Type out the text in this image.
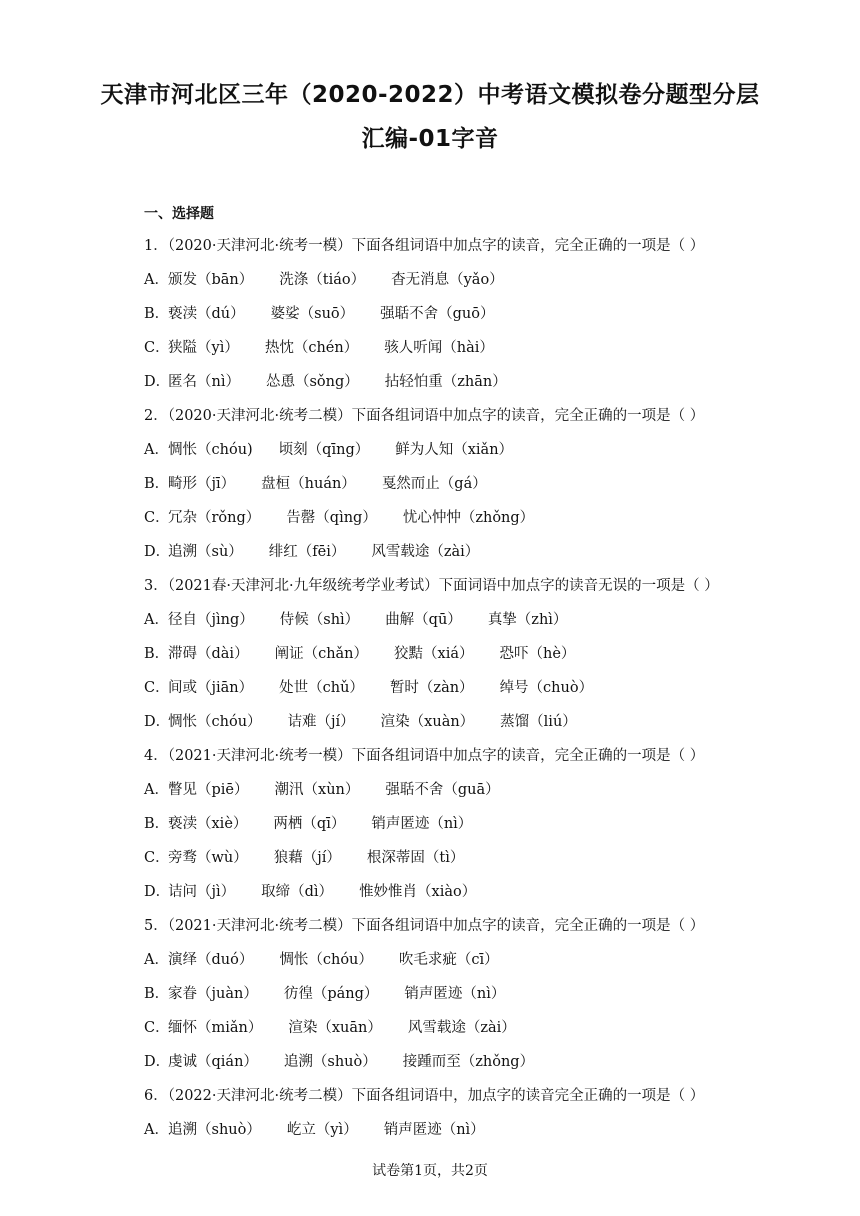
天津市河北区三年（2020-2022）中考语文模拟卷分题型分层
汇编-01字音
一、选择题
1．（2020·天津河北·统考一模）下面各组词语中加点字的读音，完全正确的一项是（ ）
A．颁发（bān） 洗涤（tiáo） 杳无消息（yǎo）
B．亵渎（dú） 婆娑（suō） 强聒不舍（guō）
C．狭隘（yì） 热忱（chén） 骇人听闻（hài）
D．匿名（nì） 怂恿（sǒng） 拈轻怕重（zhān）
2．（2020·天津河北·统考二模）下面各组词语中加点字的读音，完全正确的一项是（ ）
A．惆怅（chóu) 顷刻（qīng） 鲜为人知（xiǎn）
B．畸形（jī） 盘桓（huán） 戛然而止（gá）
C．冗杂（rǒng） 告罄（qìng） 忧心忡忡（zhǒng）
D．追溯（sù） 绯红（fēi） 风雪载途（zài）
3．（2021春·天津河北·九年级统考学业考试）下面词语中加点字的读音无误的一项是（ ）
A．径自（jìng） 侍候（shì） 曲解（qū） 真挚（zhì）
B．滞碍（dài） 阐证（chǎn） 狡黠（xiá） 恐吓（hè）
C．间或（jiān） 处世（chǔ） 暂时（zàn） 绰号（chuò）
D．惆怅（chóu） 诘难（jí） 渲染（xuàn） 蒸馏（liú）
4．（2021·天津河北·统考一模）下面各组词语中加点字的读音，完全正确的一项是（ ）
A．瞥见（piē） 潮汛（xùn） 强聒不舍（guā）
B．亵渎（xiè） 两栖（qī） 销声匿迹（nì）
C．旁骛（wù） 狼藉（jí） 根深蒂固（tì）
D．诘问（jì） 取缔（dì） 惟妙惟肖（xiào）
5．（2021·天津河北·统考二模）下面各组词语中加点字的读音，完全正确的一项是（ ）
A．演绎（duó） 惆怅（chóu） 吹毛求疵（cī）
B．家眷（juàn） 彷徨（páng） 销声匿迹（nì）
C．缅怀（miǎn） 渲染（xuān） 风雪载途（zài）
D．虔诚（qián） 追溯（shuò） 接踵而至（zhǒng）
6．（2022·天津河北·统考二模）下面各组词语中，加点字的读音完全正确的一项是（ ）
A．追溯（shuò） 屹立（yì） 销声匿迹（nì）
试卷第1页，共2页
